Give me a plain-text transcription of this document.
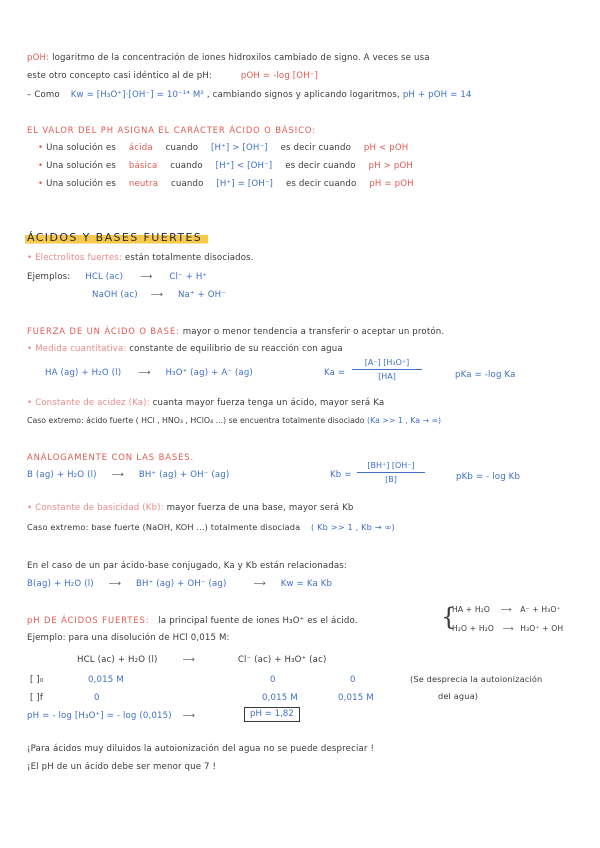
pOH: logaritmo de la concentración de iones hidroxilos cambiado de signo. A veces se usa
este otro concepto casi idéntico al de pH:	pOH = -log [OH⁻]
– Como Kw = [H₃O⁺]·[OH⁻] = 10⁻¹⁴ M² , cambiando signos y aplicando logaritmos, pH + pOH = 14
EL VALOR DEL PH ASIGNA EL CARÁCTER ÁCIDO O BÁSICO:
• Una solución es ácida cuando [H⁺] > [OH⁻] es decir cuando pH < pOH
• Una solución es básica cuando [H⁺] < [OH⁻] es decir cuando pH > pOH
• Una solución es neutra cuando [H⁺] = [OH⁻] es decir cuando pH = pOH
ÁCIDOS Y BASES FUERTES
• Electrolitos fuertes: están totalmente disociados.
Ejemplos: HCL (ac) ⟶ Cl⁻ + H⁺
NaOH (ac) ⟶ Na⁺ + OH⁻
FUERZA DE UN ÁCIDO O BASE: mayor o menor tendencia a transferir o aceptar un protón.
• Medida cuantitativa: constante de equilibrio de su reacción con agua
HA (ag) + H₂O (l) ⟶ H₃O⁺ (ag) + A⁻ (ag)	Ka =
[A⁻] [H₃O⁺]
[HA]	pKa = -log Ka
• Constante de acidez (Ka): cuanta mayor fuerza tenga un ácido, mayor será Ka
Caso extremo: ácido fuerte ( HCl , HNO₃ , HClO₄ ...) se encuentra totalmente disociado (Ka >> 1 , Ka → ∞)
ANÁLOGAMENTE CON LAS BASES.
B (ag) + H₂O (l) ⟶ BH⁺ (ag) + OH⁻ (ag)	Kb =
[BH⁺] [OH⁻]
[B]	pKb = - log Kb
• Constante de basicidad (Kb): mayor fuerza de una base, mayor será Kb
Caso extremo: base fuerte (NaOH, KOH ...) totalmente disociada ( Kb >> 1 , Kb → ∞)
En el caso de un par ácido-base conjugado, Ka y Kb están relacionadas:
B(ag) + H₂O (l) ⟶ BH⁺ (ag) + OH⁻ (ag)	⟶ Kw = Ka Kb
pH DE ÁCIDOS FUERTES: la principal fuente de iones H₃O⁺ es el ácido.	{
HA + H₂O ⟶ A⁻ + H₃O⁺
H₂O + H₂O ⟶ H₃O⁺ + OH
Ejemplo: para una disolución de HCl 0,015 M:
HCL (ac) + H₂O (l)	⟶	Cl⁻ (ac) + H₃O⁺ (ac)
[ ]₀	0,015 M	0	0
[ ]f	0	0,015 M	0,015 M
(Se desprecia la autoionización
del agua)
pH = - log [H₃O⁺] = - log (0,015) ⟶	pH = 1,82
¡Para ácidos muy diluidos la autoionización del agua no se puede despreciar !
¡El pH de un ácido debe ser menor que 7 !
